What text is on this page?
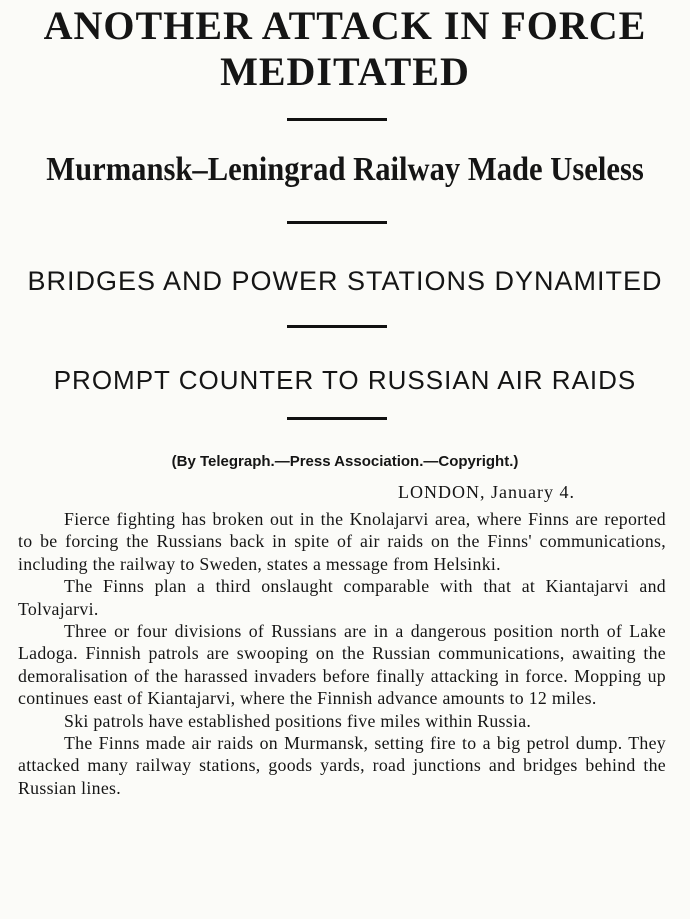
ANOTHER ATTACK IN FORCE
MEDITATED
Murmansk–Leningrad Railway Made Useless
BRIDGES AND POWER STATIONS DYNAMITED
PROMPT COUNTER TO RUSSIAN AIR RAIDS
(By Telegraph.—Press Association.—Copyright.)
LONDON, January 4.

Fierce fighting has broken out in the Knolajarvi area, where Finns are reported to be forcing the Russians back in spite of air raids on the Finns' communications, including the railway to Sweden, states a message from Helsinki.

The Finns plan a third onslaught comparable with that at Kiantajarvi and Tolvajarvi.

Three or four divisions of Russians are in a dangerous position north of Lake Ladoga. Finnish patrols are swooping on the Russian communications, awaiting the demoralisation of the harassed invaders before finally attacking in force. Mopping up continues east of Kiantajarvi, where the Finnish advance amounts to 12 miles.

Ski patrols have established positions five miles within Russia.

The Finns made air raids on Murmansk, setting fire to a big petrol dump. They attacked many railway stations, goods yards, road junctions and bridges behind the Russian lines.
